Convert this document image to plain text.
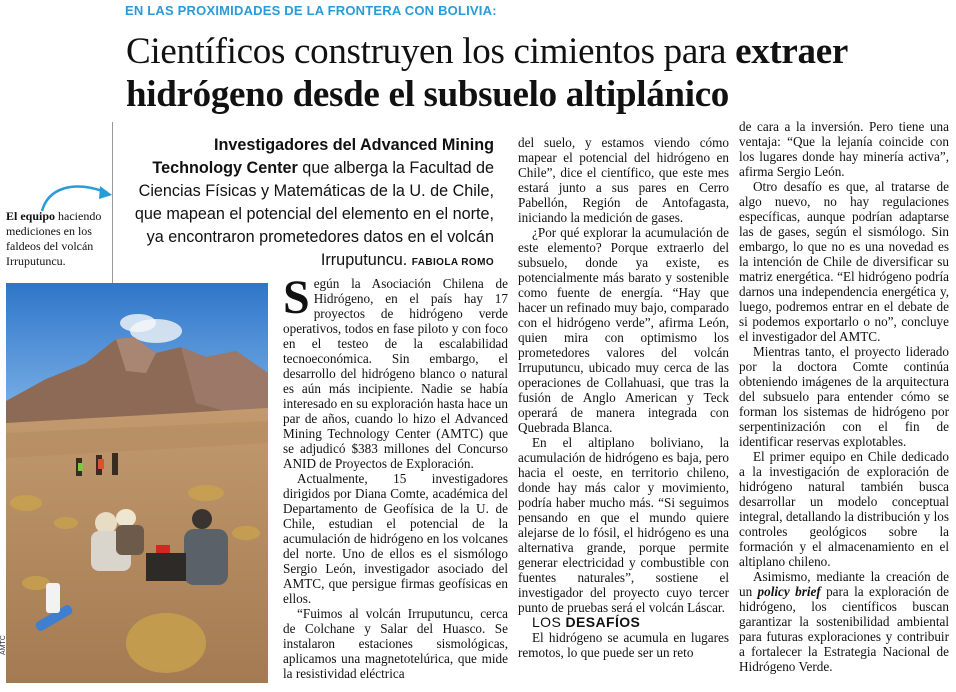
EN LAS PROXIMIDADES DE LA FRONTERA CON BOLIVIA:
Científicos construyen los cimientos para extraer
hidrógeno desde el subsuelo altiplánico
Investigadores del Advanced Mining Technology Center que alberga la Facultad de Ciencias Físicas y Matemáticas de la U. de Chile, que mapean el potencial del elemento en el norte, ya encontraron prometedores datos en el volcán Irruputuncu. FABIOLA ROMO
El equipo haciendo mediciones en los faldeos del volcán Irruputuncu.
AMTC

Según la Asociación Chilena de Hidrógeno, en el país hay 17 proyectos de hidrógeno verde operativos, todos en fase piloto y con foco en el testeo de la escalabilidad tecnoeconómica. Sin embargo, el desarrollo del hidrógeno blanco o natural es aún más incipiente. Nadie se había interesado en su exploración hasta hace un par de años, cuando lo hizo el Advanced Mining Technology Center (AMTC) que se adjudicó $383 millones del Concurso ANID de Proyectos de Exploración.

Actualmente, 15 investigadores dirigidos por Diana Comte, académica del Departamento de Geofísica de la U. de Chile, estudian el potencial de la acumulación de hidrógeno en los volcanes del norte. Uno de ellos es el sismólogo Sergio León, investigador asociado del AMTC, que persigue firmas geofísicas en ellos.

“Fuimos al volcán Irruputuncu, cerca de Colchane y Salar del Huasco. Se instalaron estaciones sismológicas, aplicamos una magnetotelúrica, que mide la resistividad eléctrica

del suelo, y estamos viendo cómo mapear el potencial del hidrógeno en Chile”, dice el científico, que este mes estará junto a sus pares en Cerro Pabellón, Región de Antofagasta, iniciando la medición de gases.

¿Por qué explorar la acumulación de este elemento? Porque extraerlo del subsuelo, donde ya existe, es potencialmente más barato y sostenible como fuente de energía. “Hay que hacer un refinado muy bajo, comparado con el hidrógeno verde”, afirma León, quien mira con optimismo los prometedores valores del volcán Irruputuncu, ubicado muy cerca de las operaciones de Collahuasi, que tras la fusión de Anglo American y Teck operará de manera integrada con Quebrada Blanca.

En el altiplano boliviano, la acumulación de hidrógeno es baja, pero hacia el oeste, en territorio chileno, donde hay más calor y movimiento, podría haber mucho más. “Si seguimos pensando en que el mundo quiere alejarse de lo fósil, el hidrógeno es una alternativa grande, porque permite generar electricidad y combustible con fuentes naturales”, sostiene el investigador del proyecto cuyo tercer punto de pruebas será el volcán Láscar.

LOS DESAFÍOS

El hidrógeno se acumula en lugares remotos, lo que puede ser un reto

de cara a la inversión. Pero tiene una ventaja: “Que la lejanía coincide con los lugares donde hay minería activa”, afirma Sergio León.

Otro desafío es que, al tratarse de algo nuevo, no hay regulaciones específicas, aunque podrían adaptarse las de gases, según el sismólogo. Sin embargo, lo que no es una novedad es la intención de Chile de diversificar su matriz energética. “El hidrógeno podría darnos una independencia energética y, luego, podremos entrar en el debate de si podemos exportarlo o no”, concluye el investigador del AMTC.

Mientras tanto, el proyecto liderado por la doctora Comte continúa obteniendo imágenes de la arquitectura del subsuelo para entender cómo se forman los sistemas de hidrógeno por serpentinización con el fin de identificar reservas explotables.

El primer equipo en Chile dedicado a la investigación de exploración de hidrógeno natural también busca desarrollar un modelo conceptual integral, detallando la distribución y los controles geológicos sobre la formación y el almacenamiento en el altiplano chileno.

Asimismo, mediante la creación de un policy brief para la exploración de hidrógeno, los científicos buscan garantizar la sostenibilidad ambiental para futuras exploraciones y contribuir a fortalecer la Estrategia Nacional de Hidrógeno Verde.
